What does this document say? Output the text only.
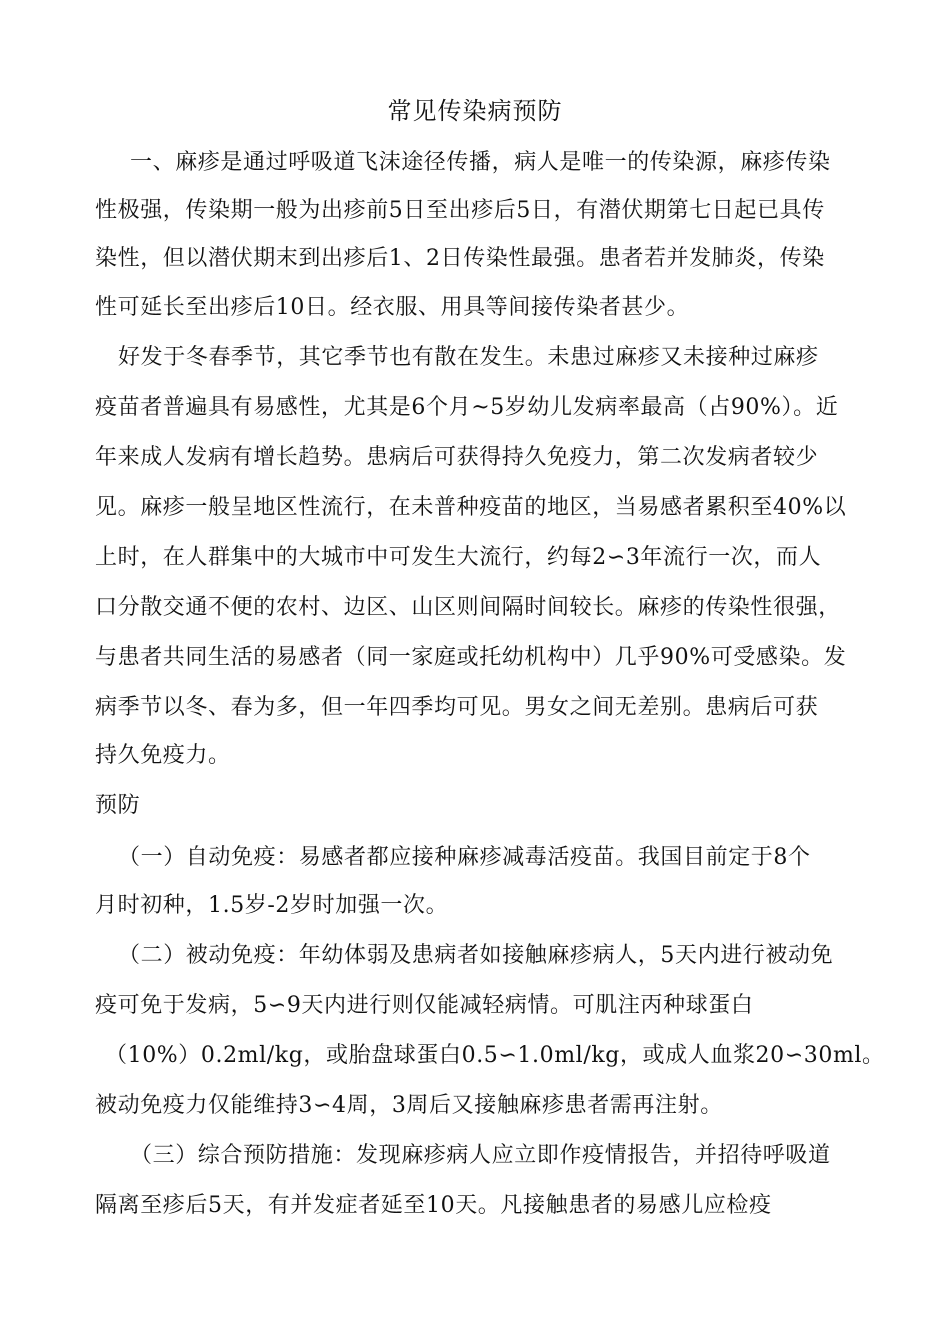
常见传染病预防
一、麻疹是通过呼吸道飞沫途径传播，病人是唯一的传染源，麻疹传染
性极强，传染期一般为出疹前5日至出疹后5日，有潜伏期第七日起已具传
染性，但以潜伏期末到出疹后1、2日传染性最强。患者若并发肺炎，传染
性可延长至出疹后10日。经衣服、用具等间接传染者甚少。
好发于冬春季节，其它季节也有散在发生。未患过麻疹又未接种过麻疹
疫苗者普遍具有易感性，尤其是6个月~5岁幼儿发病率最高（占90%）。近
年来成人发病有增长趋势。患病后可获得持久免疫力，第二次发病者较少
见。麻疹一般呈地区性流行，在未普种疫苗的地区，当易感者累积至40%以
上时，在人群集中的大城市中可发生大流行，约每2∽3年流行一次，而人
口分散交通不便的农村、边区、山区则间隔时间较长。麻疹的传染性很强，
与患者共同生活的易感者（同一家庭或托幼机构中）几乎90%可受感染。发
病季节以冬、春为多，但一年四季均可见。男女之间无差别。患病后可获
持久免疫力。
预防
（一）自动免疫：易感者都应接种麻疹减毒活疫苗。我国目前定于8个
月时初种，1.5岁-2岁时加强一次。
（二）被动免疫：年幼体弱及患病者如接触麻疹病人，5天内进行被动免
疫可免于发病，5∽9天内进行则仅能减轻病情。可肌注丙种球蛋白
（10%）0.2ml/kg，或胎盘球蛋白0.5∽1.0ml/kg，或成人血浆20∽30ml。
被动免疫力仅能维持3∽4周，3周后又接触麻疹患者需再注射。
（三）综合预防措施：发现麻疹病人应立即作疫情报告，并招待呼吸道
隔离至疹后5天，有并发症者延至10天。凡接触患者的易感儿应检疫
